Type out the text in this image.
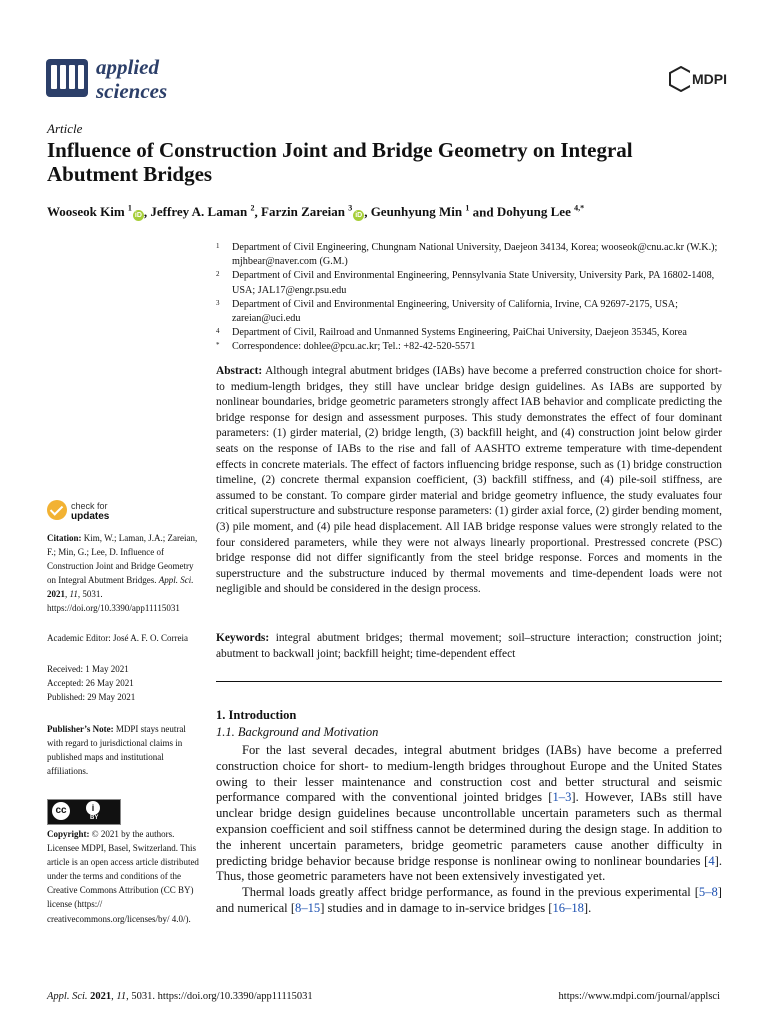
applied
sciences	MDPI
Article
Influence of Construction Joint and Bridge Geometry on Integral Abutment Bridges
Wooseok Kim $^1$iD , Jeffrey A. Laman $^2$, Farzin Zareian $^3$iD , Geunhyung Min $^1$ and Dohyung Lee $^{4,*}$
1 Department of Civil Engineering, Chungnam National University, Daejeon 34134, Korea; wooseok@cnu.ac.kr (W.K.); mjhbear@naver.com (G.M.)
2 Department of Civil and Environmental Engineering, Pennsylvania State University, University Park, PA 16802-1408, USA; JAL17@engr.psu.edu
3 Department of Civil and Environmental Engineering, University of California, Irvine, CA 92697-2175, USA; zareian@uci.edu
4 Department of Civil, Railroad and Unmanned Systems Engineering, PaiChai University, Daejeon 35345, Korea
* Correspondence: dohlee@pcu.ac.kr; Tel.: +82-42-520-5571
Abstract: Although integral abutment bridges (IABs) have become a preferred construction choice for short- to medium-length bridges, they still have unclear bridge design guidelines. As IABs are supported by nonlinear boundaries, bridge geometric parameters strongly affect IAB behavior and complicate predicting the bridge response for design and assessment purposes. This study demonstrates the effect of four dominant parameters: (1) girder material, (2) bridge length, (3) backfill height, and (4) construction joint below girder seats on the response of IABs to the rise and fall of AASHTO extreme temperature with time-dependent effects in concrete materials. The effect of factors influencing bridge response, such as (1) bridge construction timeline, (2) concrete thermal expansion coefficient, (3) backfill stiffness, and (4) pile-soil stiffness, are assumed to be constant. To compare girder material and bridge geometry influence, the study evaluates four critical superstructure and substructure response parameters: (1) girder axial force, (2) girder bending moment, (3) pile moment, and (4) pile head displacement. All IAB bridge response values were strongly related to the four considered parameters, while they were not always linearly proportional. Prestressed concrete (PSC) bridge response did not differ significantly from the steel bridge response. Forces and moments in the superstructure and the substructure induced by thermal movements and time-dependent loads were not negligible and should be considered in the design process.
Keywords: integral abutment bridges; thermal movement; soil–structure interaction; construction joint; abutment to backwall joint; backfill height; time-dependent effect
1. Introduction
1.1. Background and Motivation

For the last several decades, integral abutment bridges (IABs) have become a preferred construction choice for short- to medium-length bridges throughout Europe and the United States owing to their lesser maintenance and construction cost and better structural and seismic performance compared with the conventional jointed bridges [1–3]. However, IABs still have unclear bridge design guidelines because uncontrollable uncertain parameters such as thermal expansion coefficient and soil stiffness cannot be determined during the design stage. In addition to the inherent uncertain parameters, bridge geometric parameters cause another difficulty in predicting bridge behavior because bridge response is nonlinear owing to nonlinear boundaries [4]. Thus, those geometric parameters have not been extensively investigated yet.

Thermal loads greatly affect bridge performance, as found in the previous experimental [5–8] and numerical [8–15] studies and in damage to in-service bridges [16–18].

check for
updates
Citation: Kim, W.; Laman, J.A.; Zareian, F.; Min, G.; Lee, D. Influence of Construction Joint and Bridge Geometry on Integral Abutment Bridges. Appl. Sci. 2021, 11, 5031. https://doi.org/10.3390/app11115031
Academic Editor: José A. F. O. Correia
Received: 1 May 2021
Accepted: 26 May 2021
Published: 29 May 2021
Publisher’s Note: MDPI stays neutral with regard to jurisdictional claims in published maps and institutional affiliations.
cc	i
BY
Copyright: © 2021 by the authors. Licensee MDPI, Basel, Switzerland. This article is an open access article distributed under the terms and conditions of the Creative Commons Attribution (CC BY) license (https:// creativecommons.org/licenses/by/ 4.0/).
Appl. Sci. 2021, 11, 5031. https://doi.org/10.3390/app11115031	https://www.mdpi.com/journal/applsci
